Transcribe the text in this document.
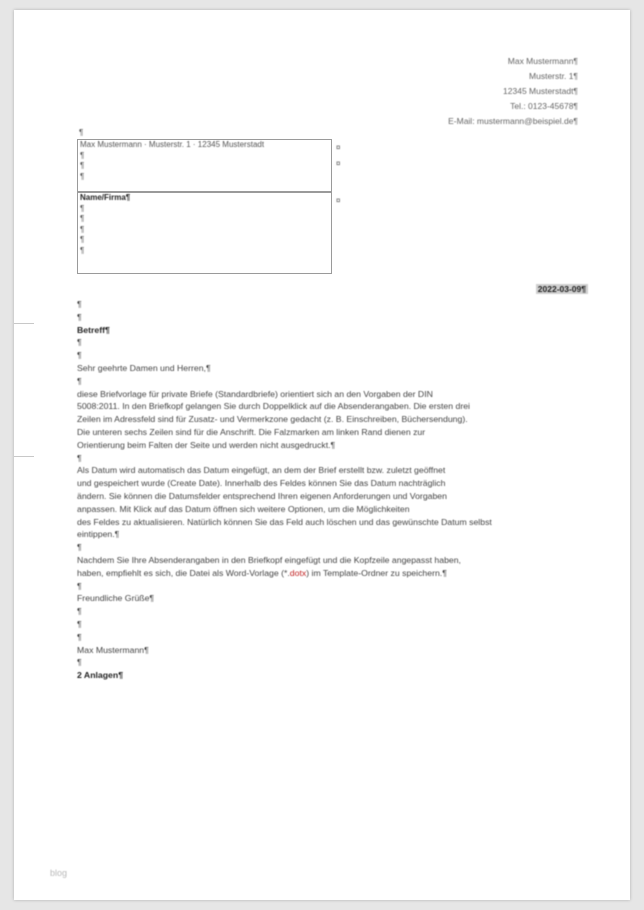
Max Mustermann¶
Musterstr. 1¶
12345 Musterstadt¶
Tel.: 0123-45678¶
E-Mail: mustermann@beispiel.de¶
¶
Max Mustermann · Musterstr. 1 · 12345 Musterstadt
¶
¶
¶
¤
¤
Name/Firma¶
¶
¶
¶
¶
¶
¤
2022-03-09¶

¶

¶

Betreff¶

¶

¶

Sehr geehrte Damen und Herren,¶

¶

diese Briefvorlage für private Briefe (Standardbriefe) orientiert sich an den Vorgaben der DIN

5008:2011. In den Briefkopf gelangen Sie durch Doppelklick auf die Absenderangaben. Die ersten drei

Zeilen im Adressfeld sind für Zusatz- und Vermerkzone gedacht (z. B. Einschreiben, Büchersendung).

Die unteren sechs Zeilen sind für die Anschrift. Die Falzmarken am linken Rand dienen zur

Orientierung beim Falten der Seite und werden nicht ausgedruckt.¶

¶

Als Datum wird automatisch das Datum eingefügt, an dem der Brief erstellt bzw. zuletzt geöffnet

und gespeichert wurde (Create Date). Innerhalb des Feldes können Sie das Datum nachträglich

ändern. Sie können die Datumsfelder entsprechend Ihren eigenen Anforderungen und Vorgaben

anpassen. Mit Klick auf das Datum öffnen sich weitere Optionen, um die Möglichkeiten

des Feldes zu aktualisieren. Natürlich können Sie das Feld auch löschen und das gewünschte Datum selbst

eintippen.¶

¶

Nachdem Sie Ihre Absenderangaben in den Briefkopf eingefügt und die Kopfzeile angepasst haben,

haben, empfiehlt es sich, die Datei als Word-Vorlage (*.dotx) im Template-Ordner zu speichern.¶

¶

Freundliche Grüße¶

¶

¶

¶

Max Mustermann¶

¶

2 Anlagen¶

blog
